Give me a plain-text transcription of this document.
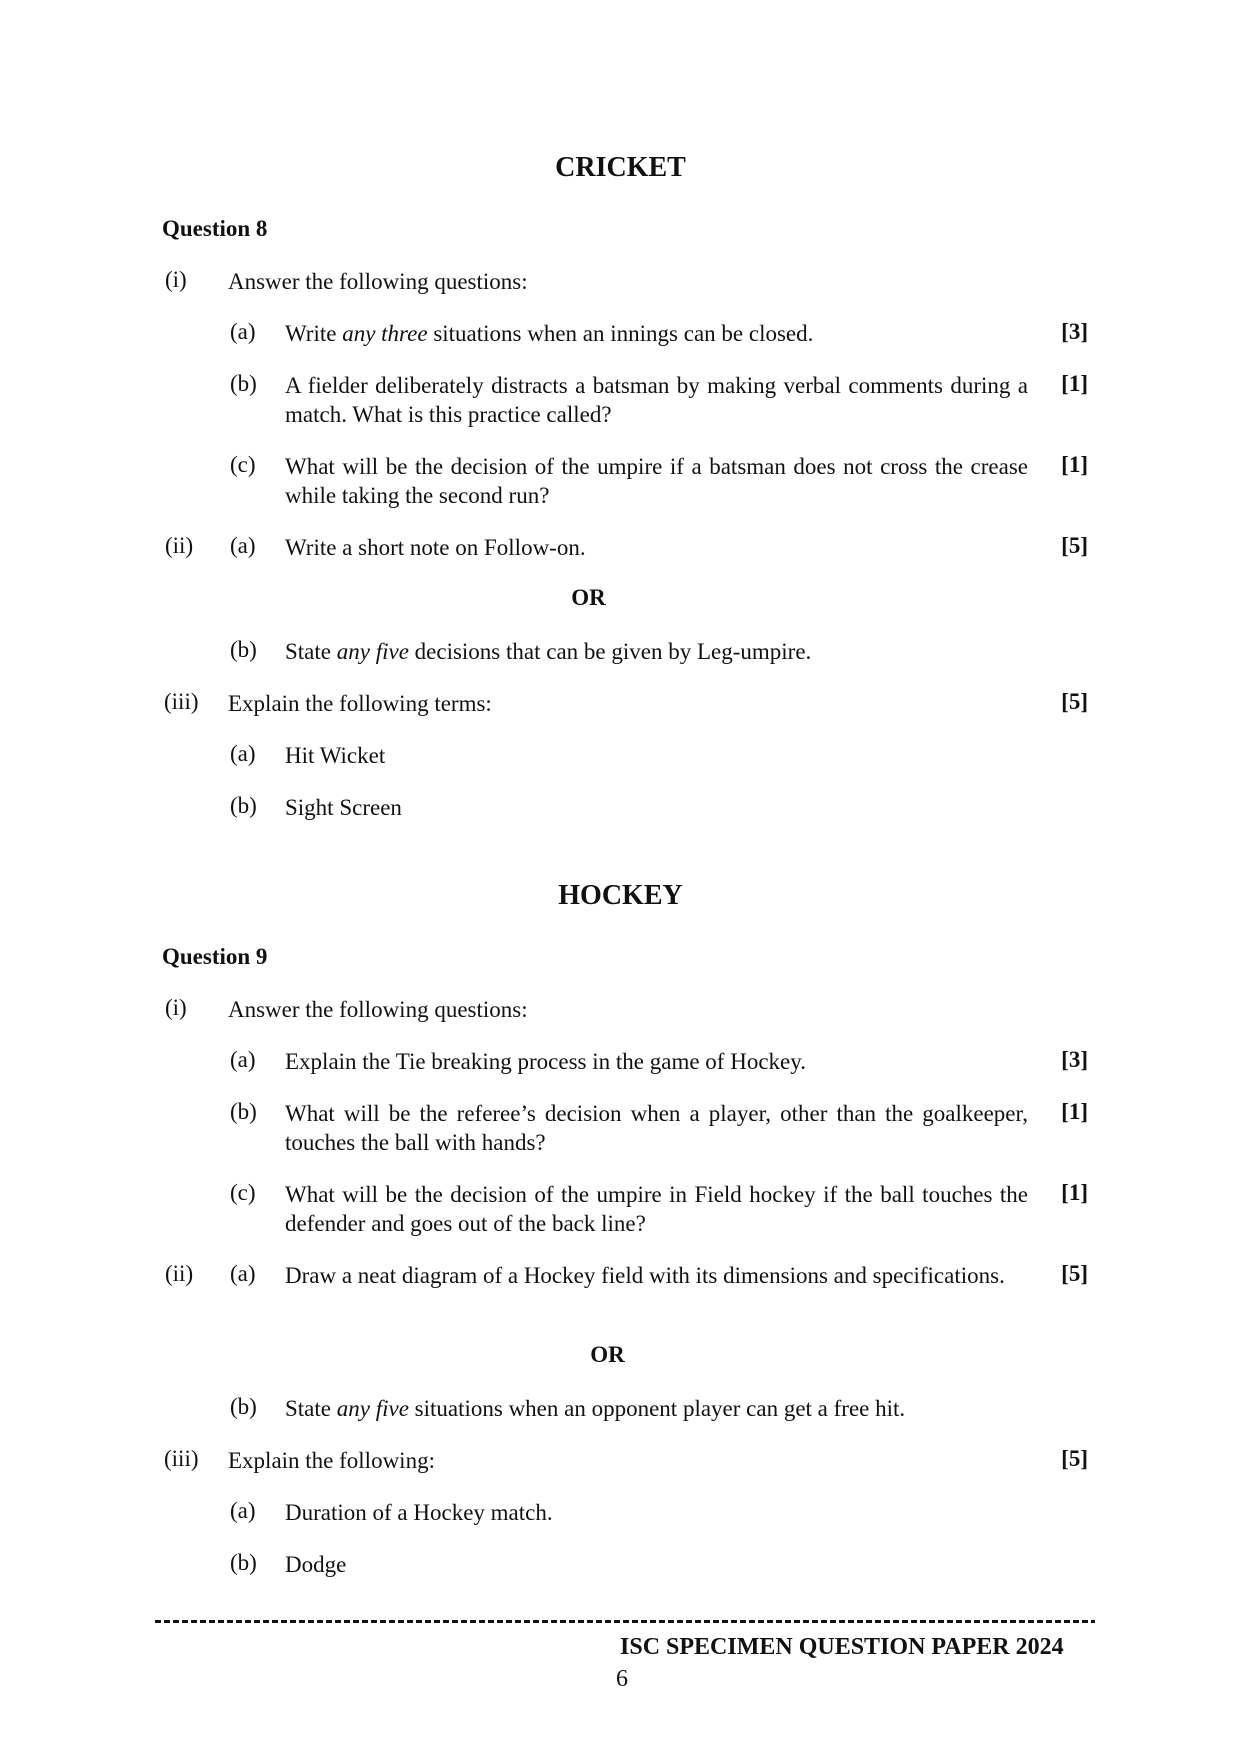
CRICKET
Question 8
(i) Answer the following questions:
(a) Write any three situations when an innings can be closed.	[3]
(b) A fielder deliberately distracts a batsman by making verbal comments during a match. What is this practice called?
[1]
(c) What will be the decision of the umpire if a batsman does not cross the crease while taking the second run?
[1]
(ii) (a) Write a short note on Follow-on.	[5]
OR
(b) State any five decisions that can be given by Leg-umpire.
(iii) Explain the following terms:	[5]
(a) Hit Wicket
(b) Sight Screen
HOCKEY
Question 9
(i) Answer the following questions:
(a) Explain the Tie breaking process in the game of Hockey.	[3]
(b) What will be the referee’s decision when a player, other than the goalkeeper, touches the ball with hands?
[1]
(c) What will be the decision of the umpire in Field hockey if the ball touches the defender and goes out of the back line?
[1]
(ii) (a) Draw a neat diagram of a Hockey field with its dimensions and specifications.	[5]
OR
(b) State any five situations when an opponent player can get a free hit.
(iii) Explain the following:	[5]
(a) Duration of a Hockey match.
(b) Dodge
ISC SPECIMEN QUESTION PAPER 2024
6
